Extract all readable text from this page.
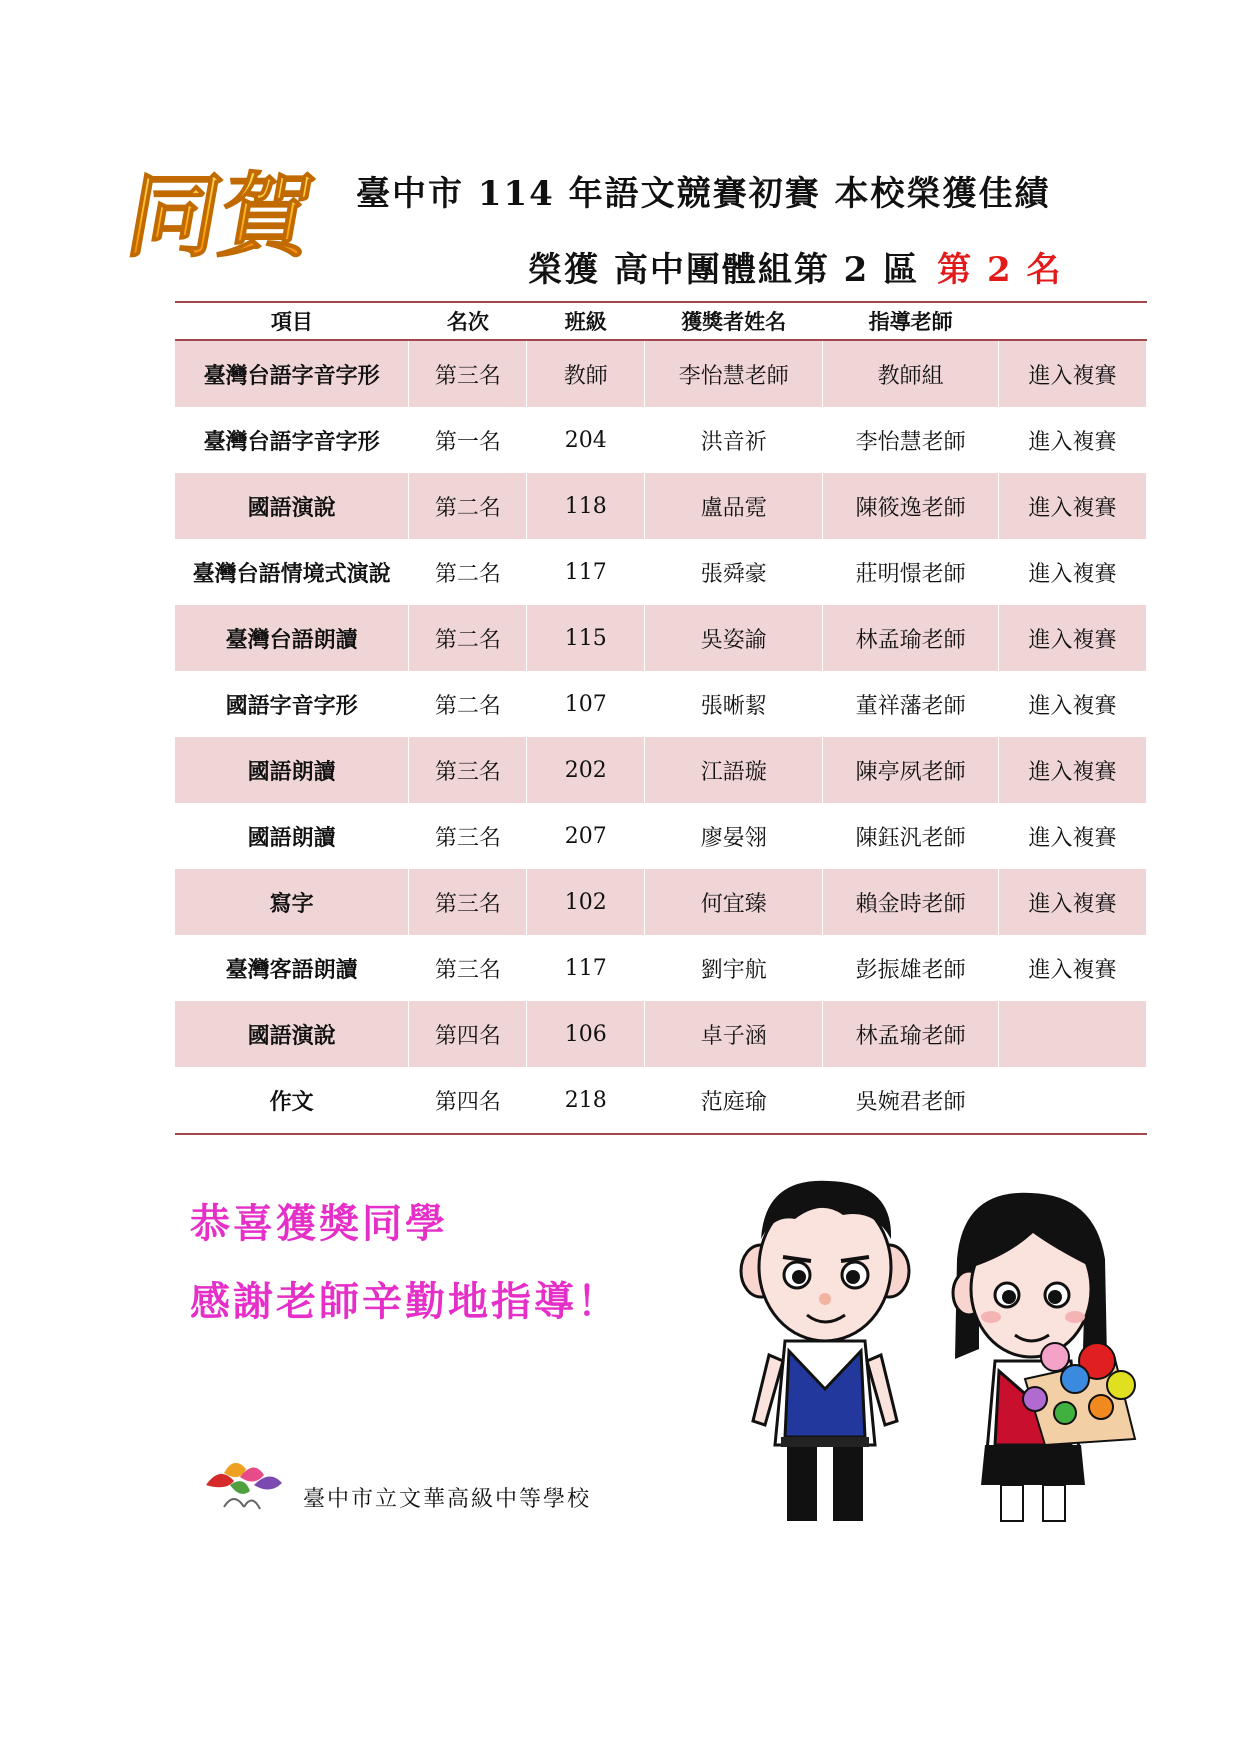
同賀 臺中市 114 年語文競賽初賽 本校榮獲佳績
榮獲 高中團體組第 2 區 第 2 名
項目	名次	班級	獲獎者姓名	指導老師	
臺灣台語字音字形	第三名	教師	李怡慧老師	教師組	進入複賽
臺灣台語字音字形	第一名	204	洪音祈	李怡慧老師	進入複賽
國語演說	第二名	118	盧品霓	陳筱逸老師	進入複賽
臺灣台語情境式演說	第二名	117	張舜豪	莊明憬老師	進入複賽
臺灣台語朗讀	第二名	115	吳姿諭	林孟瑜老師	進入複賽
國語字音字形	第二名	107	張晰絜	董祥藩老師	進入複賽
國語朗讀	第三名	202	江語璇	陳亭夙老師	進入複賽
國語朗讀	第三名	207	廖晏翎	陳鈺汎老師	進入複賽
寫字	第三名	102	何宜臻	賴金時老師	進入複賽
臺灣客語朗讀	第三名	117	劉宇航	彭振雄老師	進入複賽
國語演說	第四名	106	卓子涵	林孟瑜老師	
作文	第四名	218	范庭瑜	吳婉君老師	
恭喜獲獎同學
感謝老師辛勤地指導！
臺中市立文華高級中等學校
